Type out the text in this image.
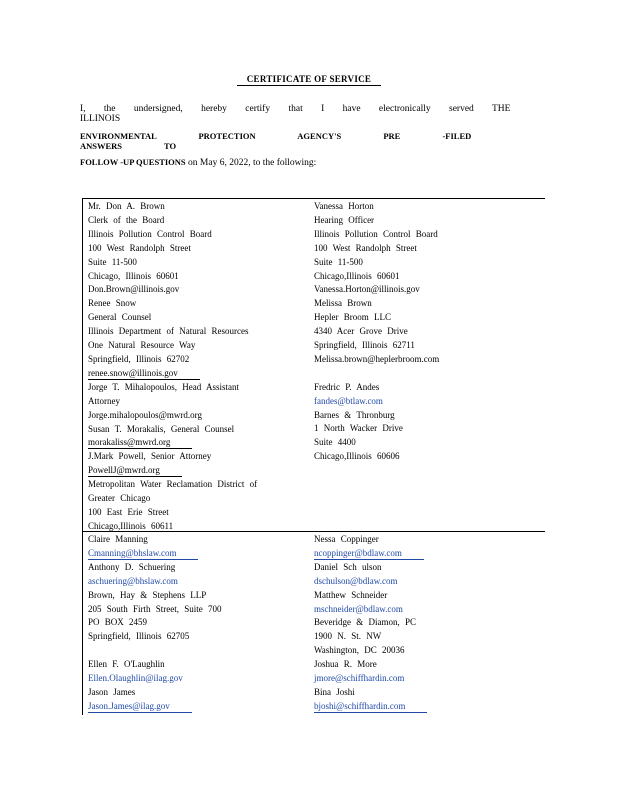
CERTIFICATE OF SERVICE
I, the undersigned, hereby certify that I have electronically served THE ILLINOIS
ENVIRONMENTAL PROTECTION AGENCY'S PRE -FILED ANSWERS TO
FOLLOW -UP QUESTIONS on May 6, 2022, to the following:
Mr. Don A. Brown
Clerk of the Board
Illinois Pollution Control Board
100 West Randolph Street
Suite 11-500
Chicago, Illinois 60601
Don.Brown@illinois.gov
Renee Snow
General Counsel
Illinois Department of Natural Resources
One Natural Resource Way
Springfield, Illinois 62702
renee.snow@illinois.gov
Jorge T. Mihalopoulos, Head Assistant
Attorney
Jorge.mihalopoulos@mwrd.org
Susan T. Morakalis, General Counsel
morakaliss@mwrd.org
J.Mark Powell, Senior Attorney
PowellJ@mwrd.org
Metropolitan Water Reclamation District of
Greater Chicago
100 East Erie Street
Chicago,Illinois 60611
Vanessa Horton
Hearing Officer
Illinois Pollution Control Board
100 West Randolph Street
Suite 11-500
Chicago,Illinois 60601
Vanessa.Horton@illinois.gov
Melissa Brown
Hepler Broom LLC
4340 Acer Grove Drive
Springfield, Illinois 62711
Melissa.brown@heplerbroom.com
Fredric P. Andes
fandes@btlaw.com
Barnes & Thronburg
1 North Wacker Drive
Suite 4400
Chicago,Illinois 60606
Claire Manning
Cmanning@bhslaw.com
Anthony D. Schuering
aschuering@bhslaw.com
Brown, Hay & Stephens LLP
205 South Firth Street, Suite 700
PO BOX 2459
Springfield, Illinois 62705
Ellen F. O'Laughlin
Ellen.Olaughlin@ilag.gov
Jason James
Jason.James@ilag.gov
Nessa Coppinger
ncoppinger@bdlaw.com
Daniel Sch ulson
dschulson@bdlaw.com
Matthew Schneider
mschneider@bdlaw.com
Beveridge & Diamon, PC
1900 N. St. NW
Washington, DC 20036
Joshua R. More
jmore@schiffhardin.com
Bina Joshi
bjoshi@schiffhardin.com
